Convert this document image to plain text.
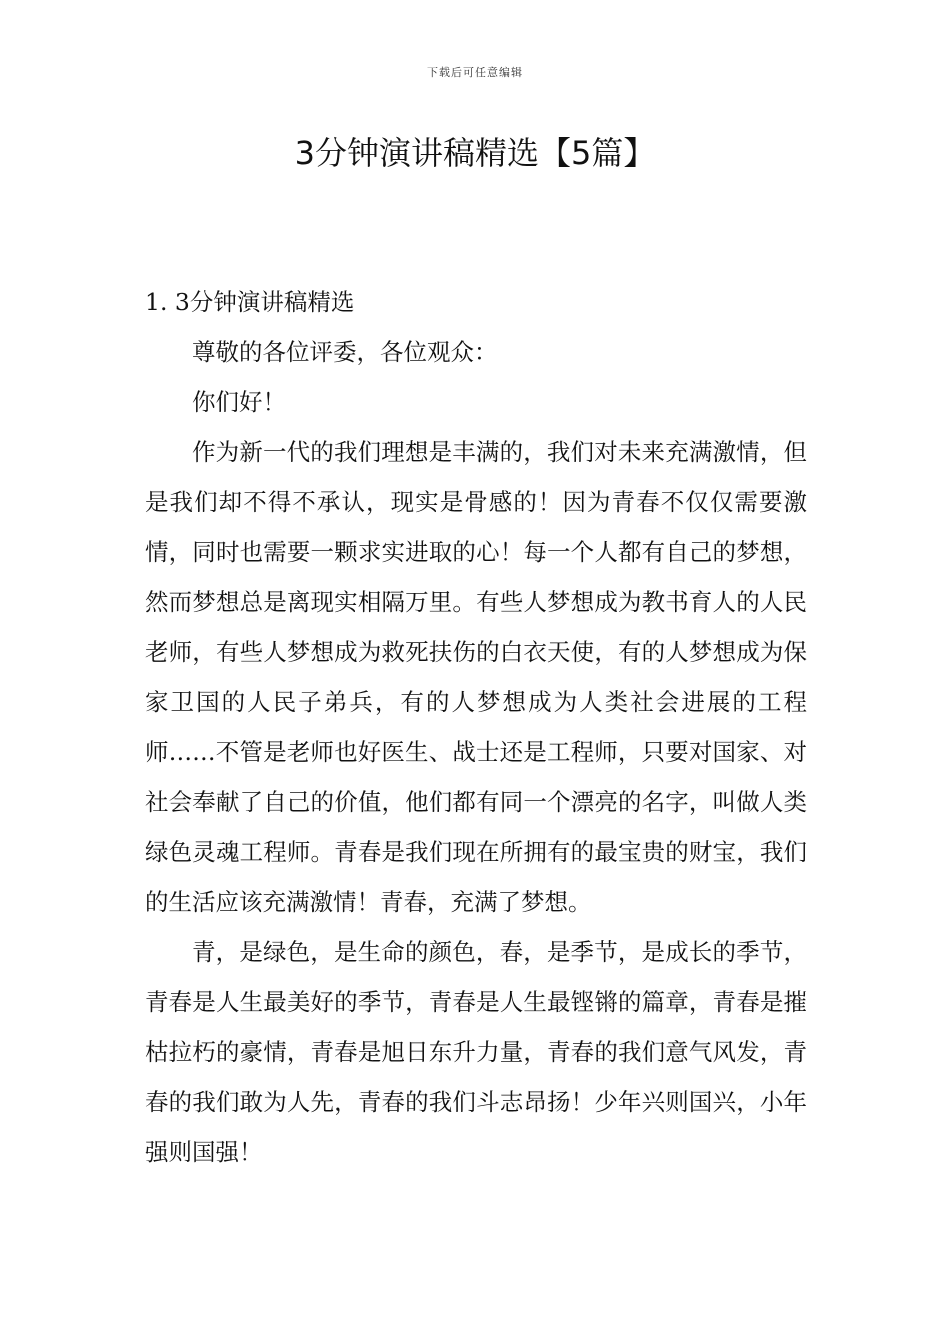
下载后可任意编辑
3分钟演讲稿精选【5篇】
1. 3分钟演讲稿精选

尊敬的各位评委，各位观众：

你们好！

作为新一代的我们理想是丰满的，我们对未来充满激情，但是我们却不得不承认，现实是骨感的！因为青春不仅仅需要激情，同时也需要一颗求实进取的心！每一个人都有自己的梦想，然而梦想总是离现实相隔万里。有些人梦想成为教书育人的人民老师，有些人梦想成为救死扶伤的白衣天使，有的人梦想成为保家卫国的人民子弟兵，有的人梦想成为人类社会进展的工程师……不管是老师也好医生、战士还是工程师，只要对国家、对社会奉献了自己的价值，他们都有同一个漂亮的名字，叫做人类绿色灵魂工程师。青春是我们现在所拥有的最宝贵的财宝，我们的生活应该充满激情！青春，充满了梦想。

青，是绿色，是生命的颜色，春，是季节，是成长的季节，青春是人生最美好的季节，青春是人生最铿锵的篇章，青春是摧枯拉朽的豪情，青春是旭日东升力量，青春的我们意气风发，青春的我们敢为人先，青春的我们斗志昂扬！少年兴则国兴，小年强则国强！
